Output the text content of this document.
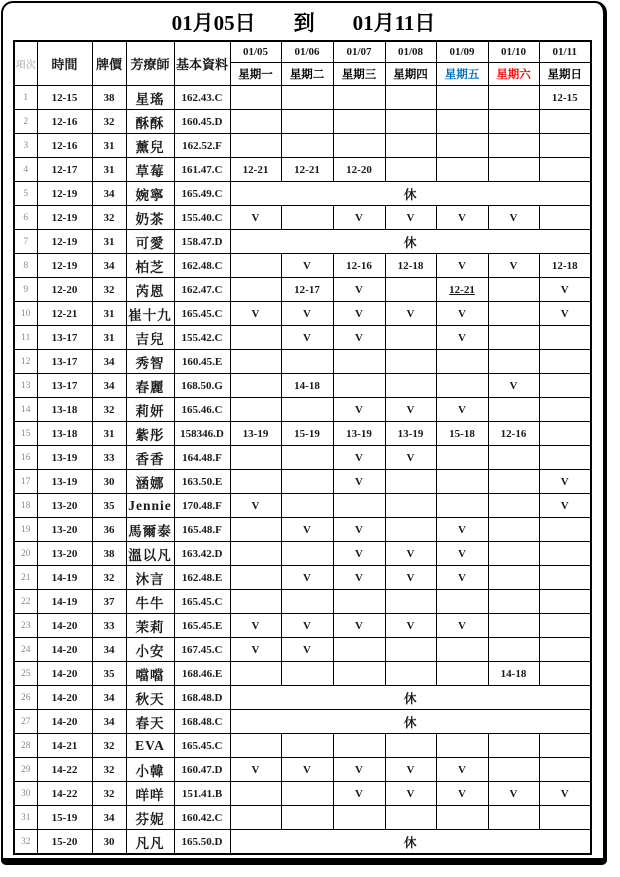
01月05日 到 01月11日
項次	時間	牌價	芳療師	基本資料	01/05	01/06	01/07	01/08	01/09	01/10	01/11
					星期一	星期二	星期三	星期四	星期五	星期六	星期日
1	12-15	38	星瑤	162.43.C							12-15
2	12-16	32	酥酥	160.45.D							
3	12-16	31	薰兒	162.52.F							
4	12-17	31	草莓	161.47.C	12-21	12-21	12-20				
5	12-19	34	婉寧	165.49.C	休						
6	12-19	32	奶茶	155.40.C	V		V	V	V	V	
7	12-19	31	可愛	158.47.D	休						
8	12-19	34	柏芝	162.48.C		V	12-16	12-18	V	V	12-18
9	12-20	32	芮恩	162.47.C		12-17	V		12-21		V
10	12-21	31	崔十九	165.45.C	V	V	V	V	V		V
11	13-17	31	吉兒	155.42.C		V	V		V		
12	13-17	34	秀智	160.45.E							
13	13-17	34	春麗	168.50.G		14-18				V	
14	13-18	32	莉妍	165.46.C			V	V	V		
15	13-18	31	紫彤	158346.D	13-19	15-19	13-19	13-19	15-18	12-16	
16	13-19	33	香香	164.48.F			V	V			
17	13-19	30	涵娜	163.50.E			V				V
18	13-20	35	Jennie	170.48.F	V						V
19	13-20	36	馬爾泰	165.48.F		V	V		V		
20	13-20	38	溫以凡	163.42.D			V	V	V		
21	14-19	32	沐言	162.48.E		V	V	V	V		
22	14-19	37	牛牛	165.45.C							
23	14-20	33	茉莉	165.45.E	V	V	V	V	V		
24	14-20	34	小安	167.45.C	V	V					
25	14-20	35	噹噹	168.46.E						14-18	
26	14-20	34	秋天	168.48.D	休						
27	14-20	34	春天	168.48.C	休						
28	14-21	32	EVA	165.45.C							
29	14-22	32	小韓	160.47.D	V	V	V	V	V		
30	14-22	32	咩咩	151.41.B			V	V	V	V	V
31	15-19	34	芬妮	160.42.C							
32	15-20	30	凡凡	165.50.D	休						
